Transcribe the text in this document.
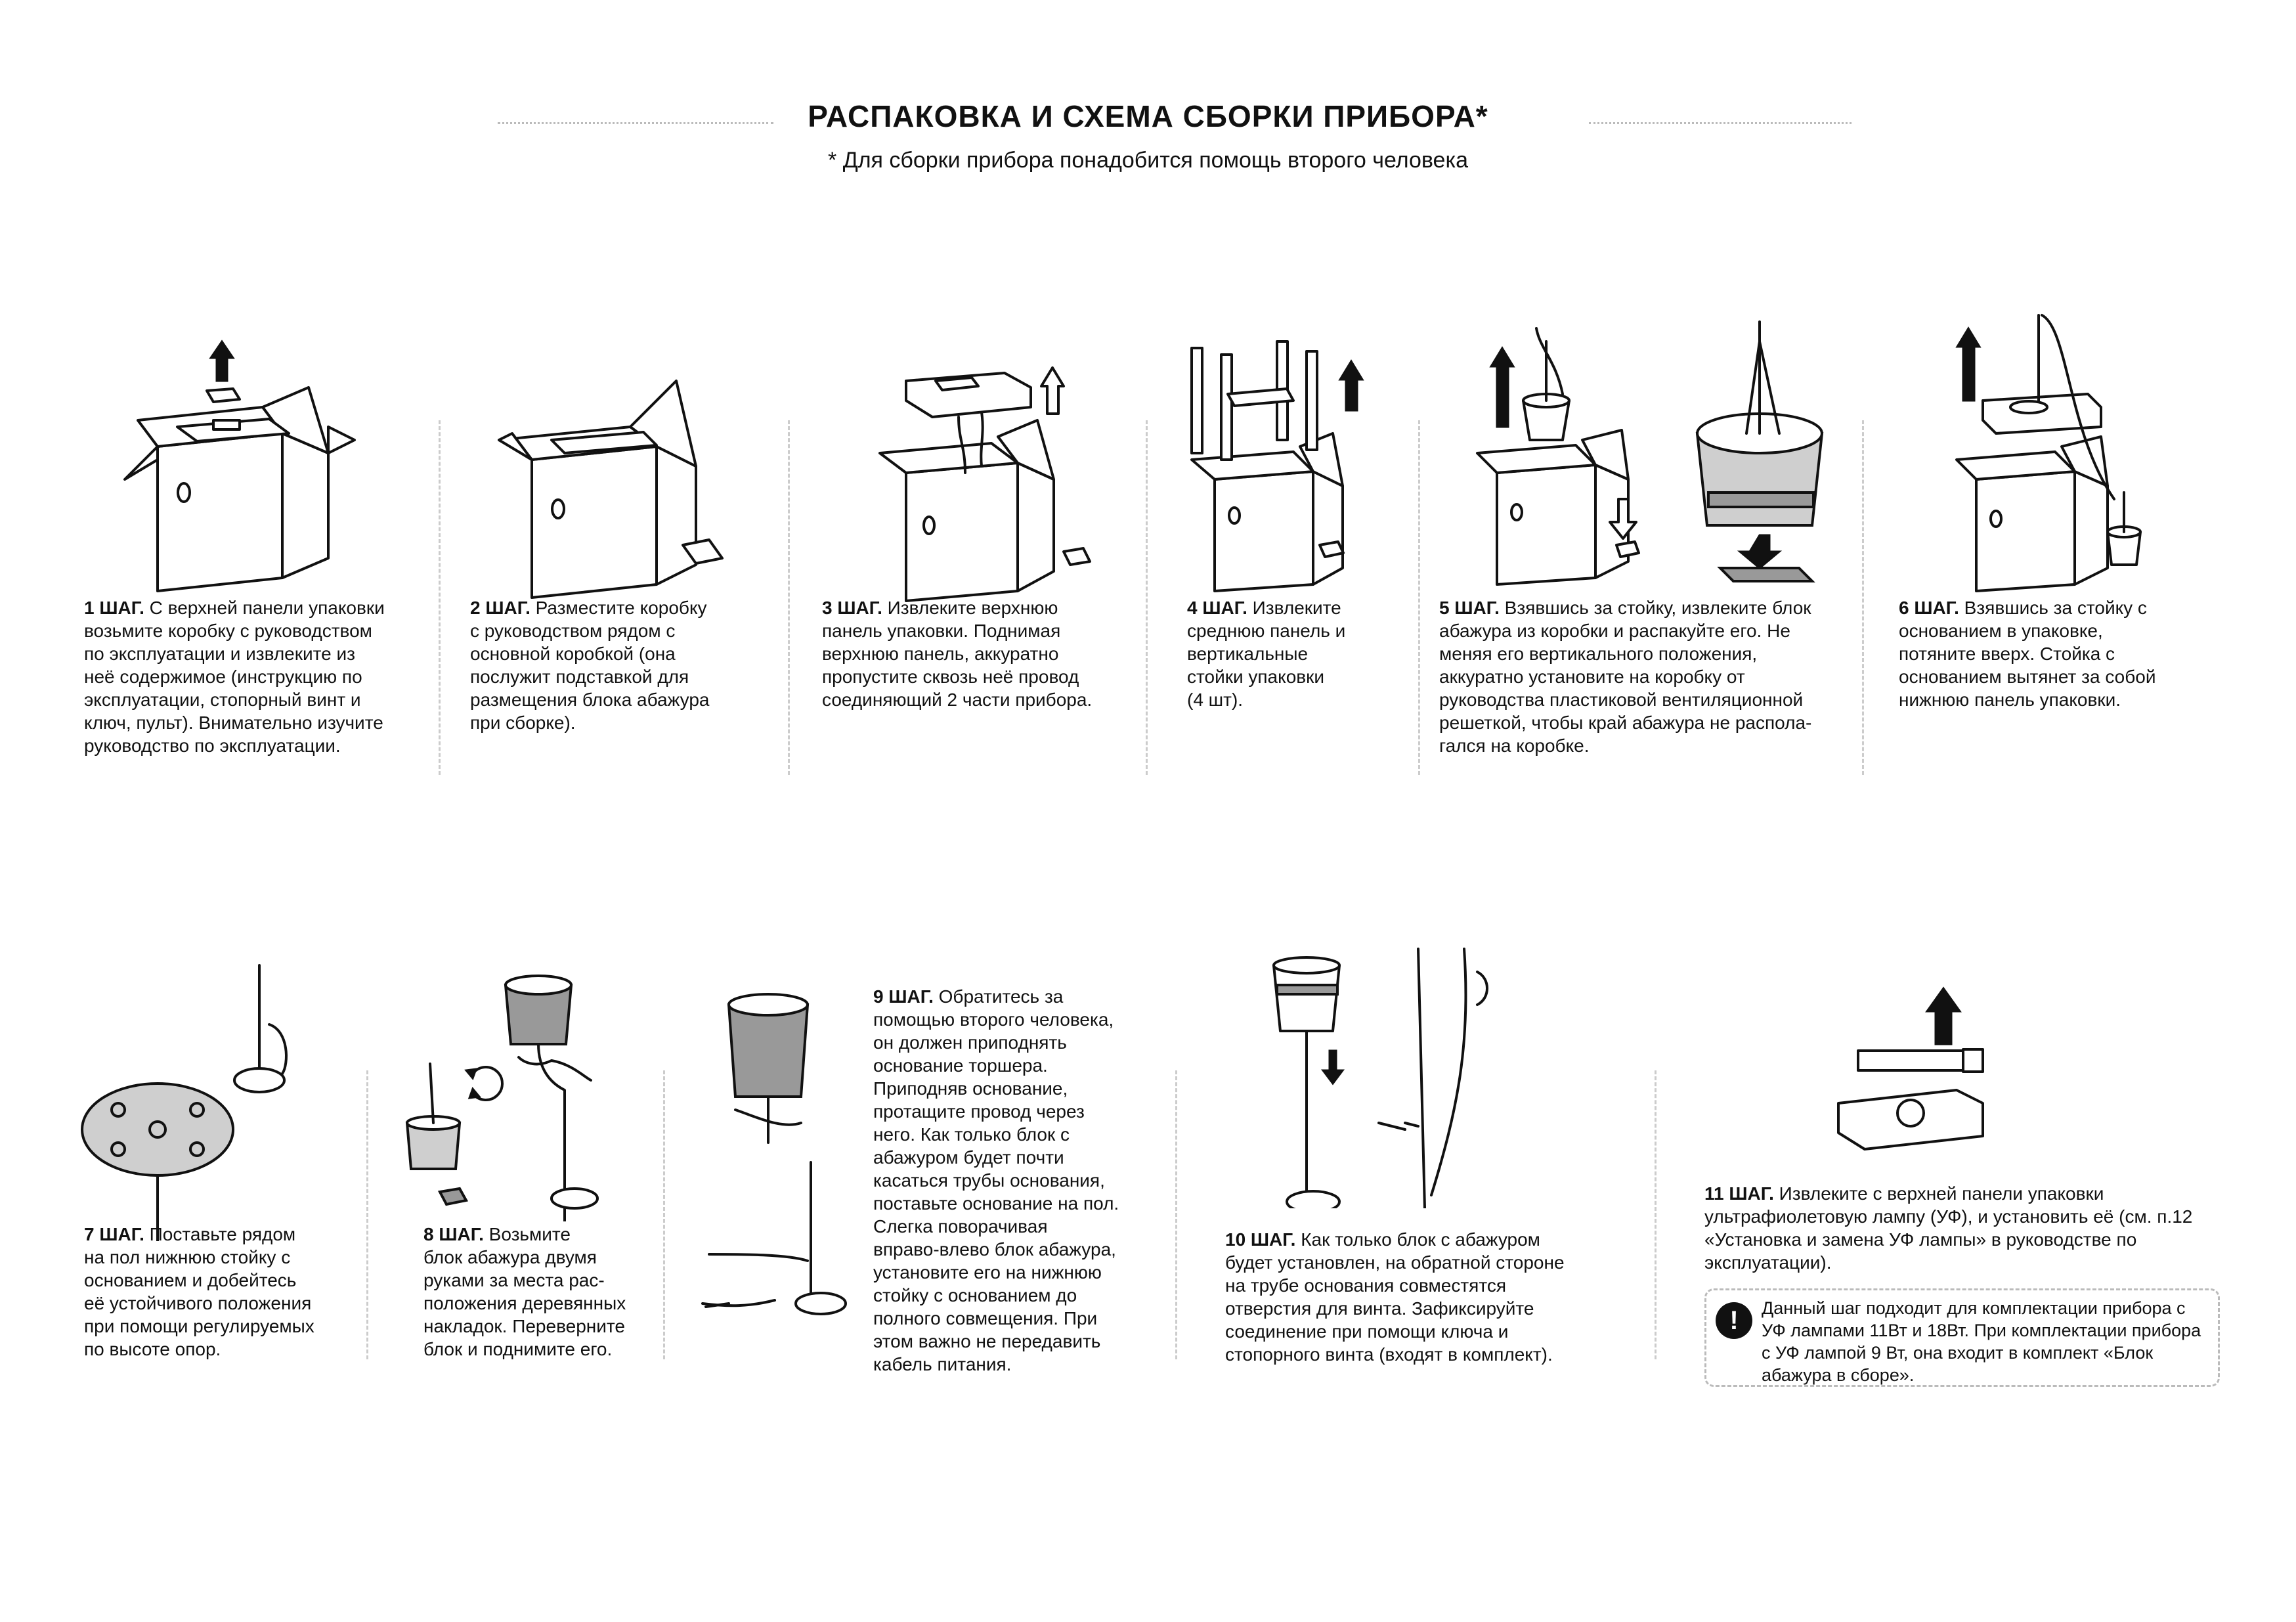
РАСПАКОВКА И СХЕМА СБОРКИ ПРИБОРА*
* Для сборки прибора понадобится помощь второго человека
1 ШАГ. С верхней панели упаковки
возьмите коробку с руководством
по эксплуатации и извлеките из
неё содержимое (инструкцию по
эксплуатации, стопорный винт и
ключ, пульт). Внимательно изучите
руководство по эксплуатации.
2 ШАГ. Разместите коробку
с руководством рядом с
основной коробкой (она
послужит подставкой для
размещения блока абажура
при сборке).
3 ШАГ. Извлеките верхнюю
панель упаковки. Поднимая
верхнюю панель, аккуратно
пропустите сквозь неё провод
соединяющий 2 части прибора.
4 ШАГ. Извлеките
среднюю панель и
вертикальные
стойки упаковки
(4 шт).
5 ШАГ. Взявшись за стойку, извлеките блок
абажура из коробки и распакуйте его. Не
меняя его вертикального положения,
аккуратно установите на коробку от
руководства пластиковой вентиляционной
решеткой, чтобы край абажура не распола-
гался на коробке.
6 ШАГ. Взявшись за стойку с
основанием в упаковке,
потяните вверх. Стойка с
основанием вытянет за собой
нижнюю панель упаковки.
7 ШАГ. Поставьте рядом
на пол нижнюю стойку с
основанием и добейтесь
её устойчивого положения
при помощи регулируемых
по высоте опор.
8 ШАГ. Возьмите
блок абажура двумя
руками за места рас-
положения деревянных
накладок. Переверните
блок и поднимите его.
9 ШАГ. Обратитесь за
помощью второго человека,
он должен приподнять
основание торшера.
Приподняв основание,
протащите провод через
него. Как только блок с
абажуром будет почти
касаться трубы основания,
поставьте основание на пол.
Слегка поворачивая
вправо-влево блок абажура,
установите его на нижнюю
стойку с основанием до
полного совмещения. При
этом важно не передавить
кабель питания.
10 ШАГ. Как только блок с абажуром
будет установлен, на обратной стороне
на трубе основания совместятся
отверстия для винта. Зафиксируйте
соединение при помощи ключа и
стопорного винта (входят в комплект).
11 ШАГ. Извлеките с верхней панели упаковки
ультрафиолетовую лампу (УФ), и установить её (см. п.12
«Установка и замена УФ лампы» в руководстве по
эксплуатации).
!	Данный шаг подходит для комплектации прибора с
УФ лампами 11Вт и 18Вт. При комплектации прибора
с УФ лампой 9 Вт, она входит в комплект «Блок
абажура в сборе».
